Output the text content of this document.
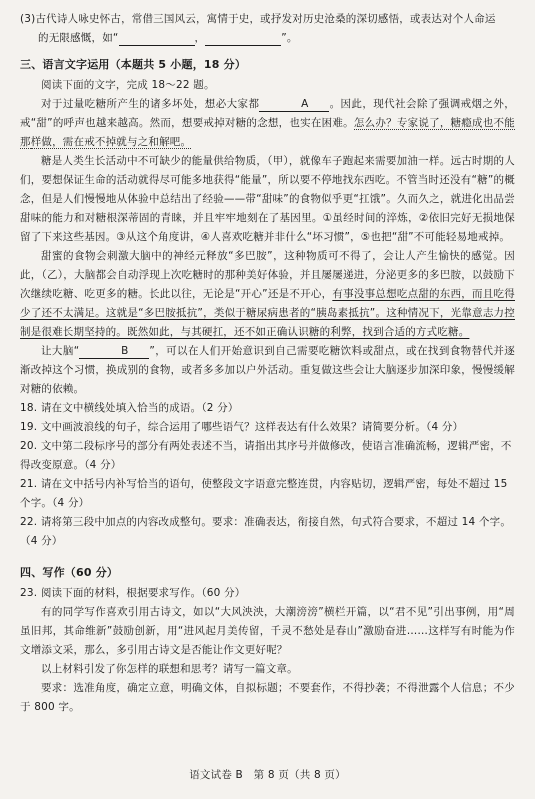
(3)古代诗人咏史怀古，常借三国风云，寓情于史，或抒发对历史沧桑的深切感悟，或表达对个人命运

的无限感慨，如“	，	”。

三、语言文字运用（本题共 5 小题，18 分）

阅读下面的文字，完成 18～22 题。

对于过量吃糖所产生的诸多坏处，想必大家都	A 。因此，现代社会除了强调戒烟之外，戒“甜”的呼声也越来越高。然而，想要戒掉对糖的念想，也实在困难。怎么办？专家说了，糖瘾成也不能那样做，需在戒不掉就与之和解吧。

糖是人类生长活动中不可缺少的能量供给物质，（甲），就像车子跑起来需要加油一样。远古时期的人们，要想保证生命的活动就得尽可能多地获得“能量”，所以要不停地找东西吃。不管当时还没有“糖”的概念，但是人们慢慢地从体验中总结出了经验——带“甜味”的食物似乎更“扛饿”。久而久之，就进化出品尝甜味的能力和对糖根深蒂固的青睐，并且牢牢地刻在了基因里。①虽经时间的淬炼，②依旧完好无损地保留了下来这些基因。③从这个角度讲，④人喜欢吃糖并非什么“坏习惯”，⑤也把“甜”不可能轻易地戒掉。

甜蜜的食物会刺激大脑中的神经元释放“多巴胺”，这种物质可不得了，会让人产生愉快的感觉。因此，（乙），大脑都会自动浮现上次吃糖时的那种美好体验，并且屡屡递进，分泌更多的多巴胺，以鼓励下次继续吃糖、吃更多的糖。长此以往，无论是“开心”还是不开心，有事没事总想吃点甜的东西，而且吃得少了还不太满足。这就是“多巴胺抵抗”，类似于糖尿病患者的“胰岛素抵抗”。这种情况下，光靠意志力控制是很难长期坚持的。既然如此，与其硬扛，还不如正确认识糖的利弊，找到合适的方式吃糖。

让大脑“	B ”，可以在人们开始意识到自己需要吃糖饮料或甜点，或在找到食物替代并逐渐改掉这个习惯，换成别的食物，或者多多加以户外活动。重复做这些会让大脑逐步加深印象，慢慢缓解对糖的依赖。

18. 请在文中横线处填入恰当的成语。（2 分）

19. 文中画波浪线的句子，综合运用了哪些语气？这样表达有什么效果？请简要分析。（4 分）

20. 文中第二段标序号的部分有两处表述不当，请指出其序号并做修改，使语言准确流畅，逻辑严密，不得改变原意。（4 分）

21. 请在文中括号内补写恰当的语句，使整段文字语意完整连贯，内容贴切，逻辑严密，每处不超过 15 个字。（4 分）

22. 请将第三段中加点的内容改成整句。要求：准确表达，衔接自然，句式符合要求，不超过 14 个字。（4 分）

四、写作（60 分）

23. 阅读下面的材料，根据要求写作。（60 分）

有的同学写作喜欢引用古诗文，如以“大风泱泱，大潮滂滂”横栏开篇，以“君不见”引出事例，用“周虽旧邦，其命维新”鼓励创新，用“进风起月美传留，千灵不愁处是春山”激励奋进……这样写有时能为作文增添文采，那么，多引用古诗文是否能让作文更好呢？

以上材料引发了你怎样的联想和思考？请写一篇文章。

要求：选准角度，确定立意，明确文体，自拟标题；不要套作，不得抄袭；不得泄露个人信息；不少于 800 字。

语文试卷 B　第 8 页（共 8 页）
